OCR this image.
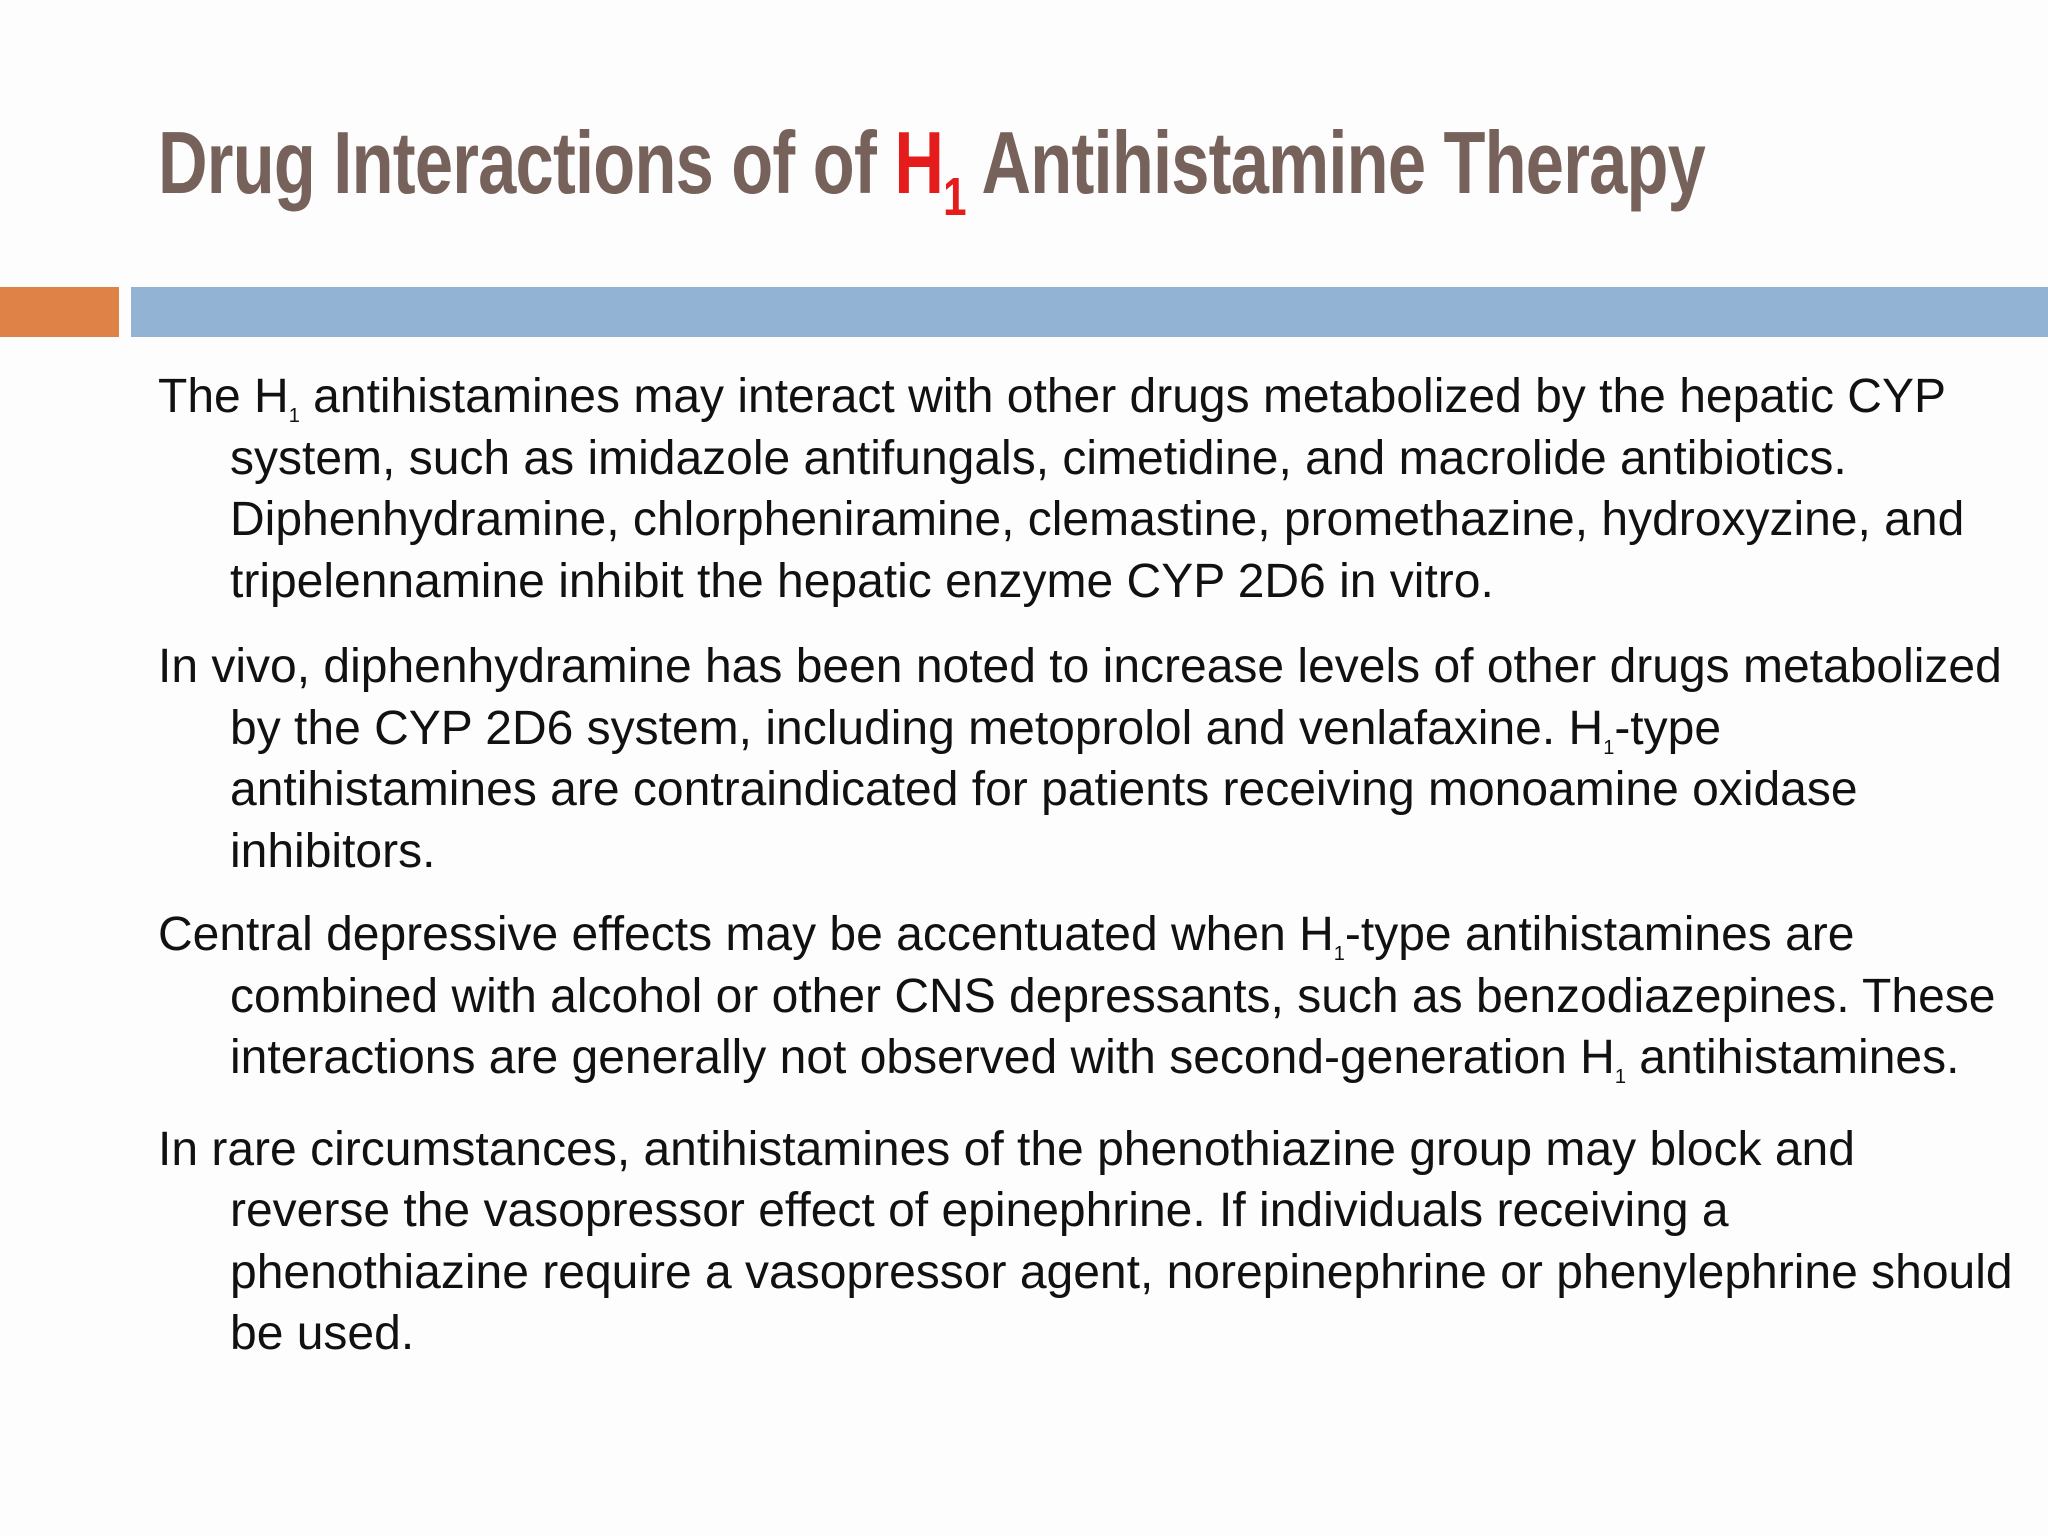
Drug Interactions of of $H_1$ Antihistamine Therapy

The $H_1$ antihistamines may interact with other drugs metabolized by the hepatic CYP system, such as imidazole antifungals, cimetidine, and macrolide antibiotics. Diphenhydramine, chlorpheniramine, clemastine, promethazine, hydroxyzine, and tripelennamine inhibit the hepatic enzyme CYP 2D6 in vitro.

In vivo, diphenhydramine has been noted to increase levels of other drugs metabolized by the CYP 2D6 system, including metoprolol and venlafaxine. $H_1$-type antihistamines are contraindicated for patients receiving monoamine oxidase inhibitors.

Central depressive effects may be accentuated when $H_1$-type antihistamines are combined with alcohol or other CNS depressants, such as benzodiazepines. These interactions are generally not observed with second-generation $H_1$ antihistamines.

In rare circumstances, antihistamines of the phenothiazine group may block and reverse the vasopressor effect of epinephrine. If individuals receiving a phenothiazine require a vasopressor agent, norepinephrine or phenylephrine should be used.
